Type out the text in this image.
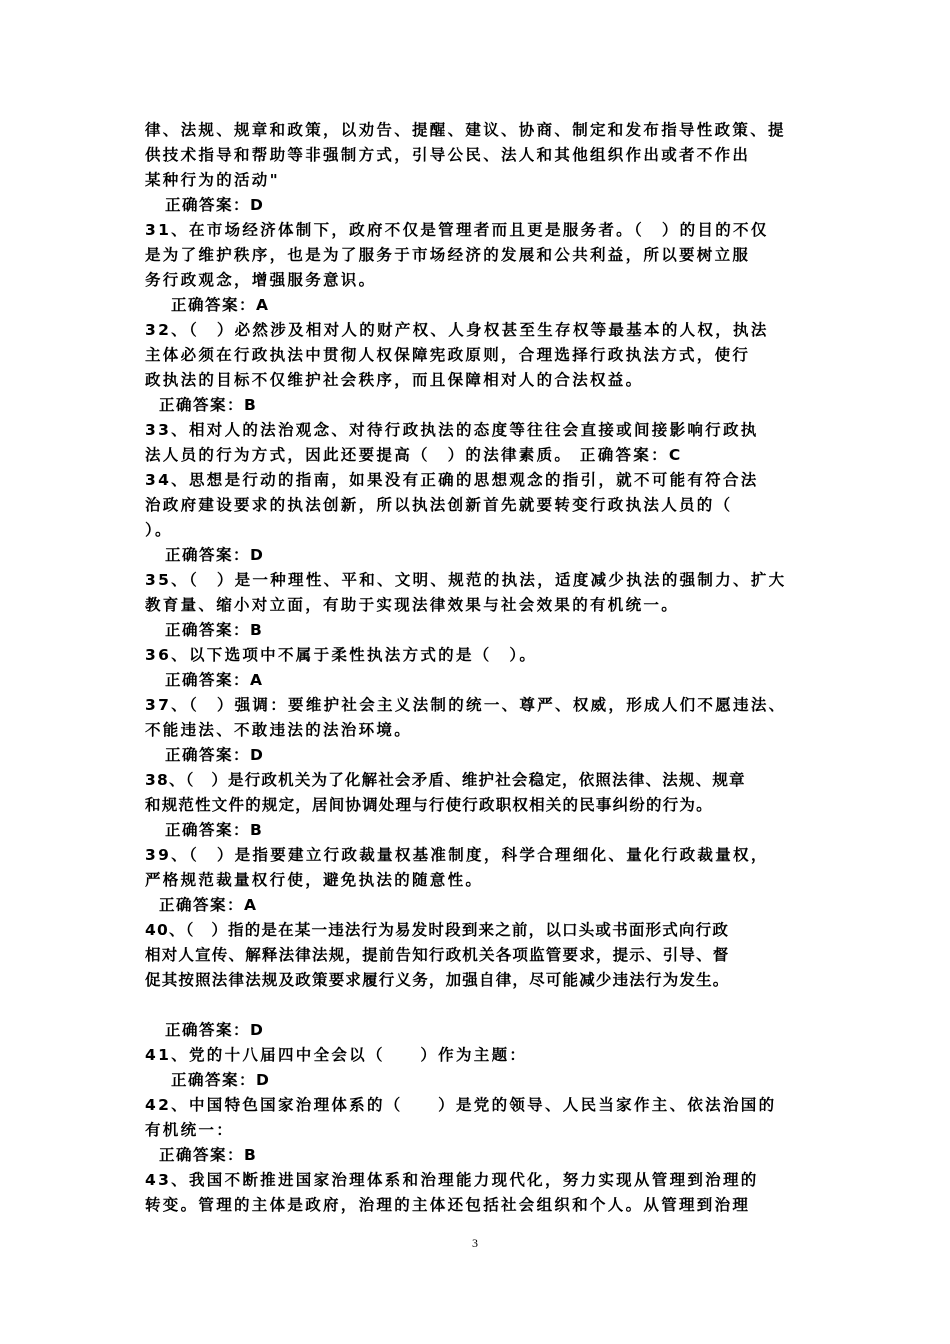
律、法规、规章和政策，以劝告、提醒、建议、协商、制定和发布指导性政策、提
供技术指导和帮助等非强制方式，引导公民、法人和其他组织作出或者不作出
某种行为的活动"
正确答案：D
31、在市场经济体制下，政府不仅是管理者而且更是服务者。（　）的目的不仅
是为了维护秩序，也是为了服务于市场经济的发展和公共利益，所以要树立服
务行政观念，增强服务意识。
正确答案：A
32、（　）必然涉及相对人的财产权、人身权甚至生存权等最基本的人权，执法
主体必须在行政执法中贯彻人权保障宪政原则，合理选择行政执法方式，使行
政执法的目标不仅维护社会秩序，而且保障相对人的合法权益。
正确答案：B
33、相对人的法治观念、对待行政执法的态度等往往会直接或间接影响行政执
法人员的行为方式，因此还要提高（　）的法律素质。 正确答案：C
34、思想是行动的指南，如果没有正确的思想观念的指引，就不可能有符合法
治政府建设要求的执法创新，所以执法创新首先就要转变行政执法人员的（
）。
正确答案：D
35、（　）是一种理性、平和、文明、规范的执法，适度减少执法的强制力、扩大
教育量、缩小对立面，有助于实现法律效果与社会效果的有机统一。
正确答案：B
36、以下选项中不属于柔性执法方式的是（　）。
正确答案：A
37、（　）强调：要维护社会主义法制的统一、尊严、权威，形成人们不愿违法、
不能违法、不敢违法的法治环境。
正确答案：D
38、（　）是行政机关为了化解社会矛盾、维护社会稳定，依照法律、法规、规章
和规范性文件的规定，居间协调处理与行使行政职权相关的民事纠纷的行为。
正确答案：B
39、（　）是指要建立行政裁量权基准制度，科学合理细化、量化行政裁量权，
严格规范裁量权行使，避免执法的随意性。
正确答案：A
40、（　）指的是在某一违法行为易发时段到来之前，以口头或书面形式向行政
相对人宣传、解释法律法规，提前告知行政机关各项监管要求，提示、引导、督
促其按照法律法规及政策要求履行义务，加强自律，尽可能减少违法行为发生。
正确答案：D
41、党的十八届四中全会以（　　）作为主题：
正确答案：D
42、中国特色国家治理体系的（　　）是党的领导、人民当家作主、依法治国的
有机统一：
正确答案：B
43、我国不断推进国家治理体系和治理能力现代化，努力实现从管理到治理的
转变。管理的主体是政府，治理的主体还包括社会组织和个人。从管理到治理
3
